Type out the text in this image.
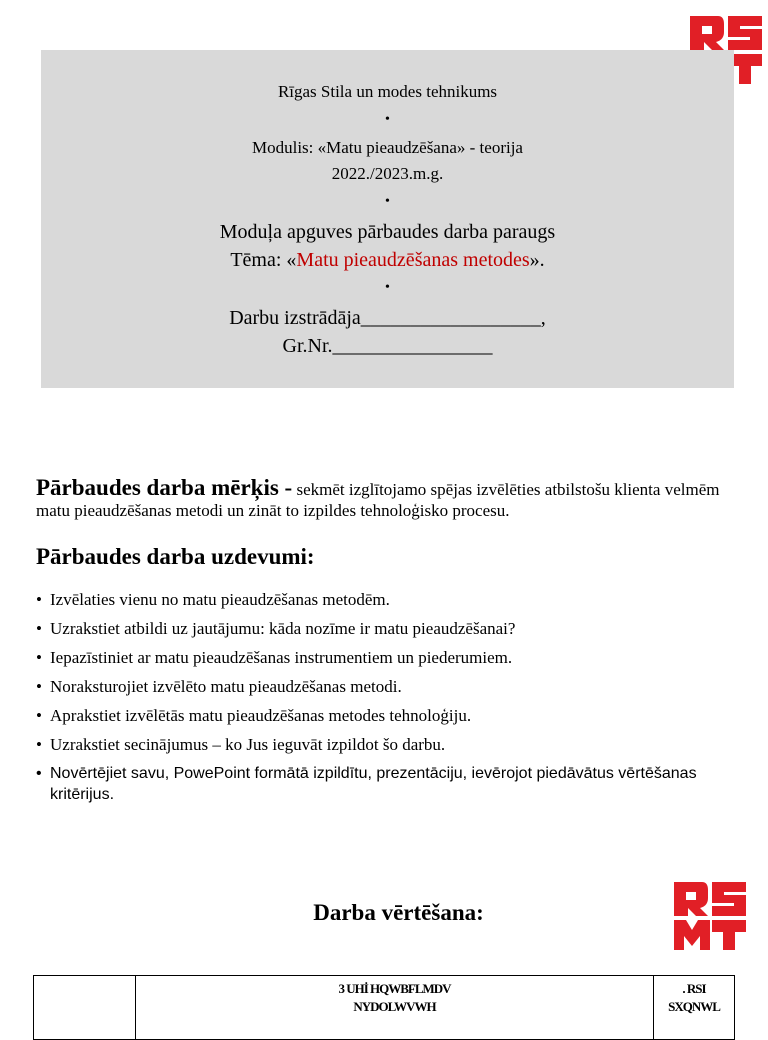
Rīgas Stila un modes tehnikums
•
Modulis: «Matu pieaudzēšana» - teorija
2022./2023.m.g.
•
Moduļa apguves pārbaudes darba paraugs
Tēma: «Matu pieaudzēšanas metodes».
•
Darbu izstrādāja__________________,
Gr.Nr.________________
Pārbaudes darba mērķis - sekmēt izglītojamo spējas izvēlēties atbilstošu klienta velmēm matu pieaudzēšanas metodi un zināt to izpildes tehnoloģisko procesu.
Pārbaudes darba uzdevumi:
• Izvēlaties vienu no matu pieaudzēšanas metodēm.
• Uzrakstiet atbildi uz jautājumu: kāda nozīme ir matu pieaudzēšanai?
• Iepazīstiniet ar matu pieaudzēšanas instrumentiem un piederumiem.
• Noraksturojiet izvēlēto matu pieaudzēšanas metodi.
• Aprakstiet izvēlētās matu pieaudzēšanas metodes tehnoloģiju.
• Uzrakstiet secinājumus – ko Jus ieguvāt izpildot šo darbu.
• Novērtējiet savu, PowePoint formātā izpildītu, prezentāciju, ievērojot piedāvātus vērtēšanas kritērijus.
Darba vērtēšana:

3 UHİ HQWBFLMDV
NYDOLWVWH

. RSI
SXQNWL
